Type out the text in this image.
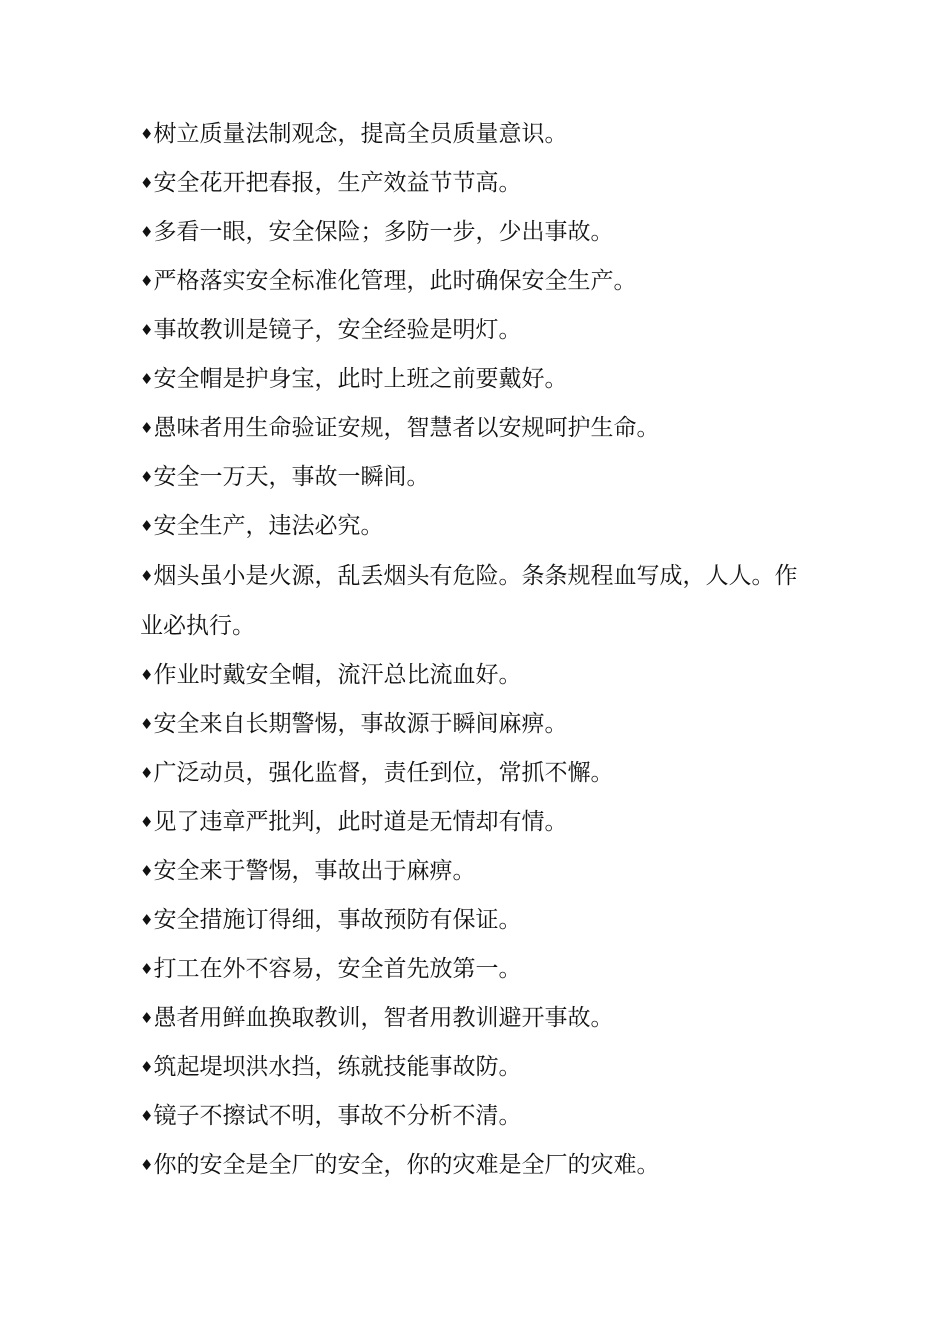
♦树立质量法制观念，提高全员质量意识。

♦安全花开把春报，生产效益节节高。

♦多看一眼，安全保险；多防一步，少出事故。

♦严格落实安全标准化管理，此时确保安全生产。

♦事故教训是镜子，安全经验是明灯。

♦安全帽是护身宝，此时上班之前要戴好。

♦愚味者用生命验证安规，智慧者以安规呵护生命。

♦安全一万天，事故一瞬间。

♦安全生产，违法必究。

♦烟头虽小是火源，乱丢烟头有危险。条条规程血写成，人人。作业必执行。

♦作业时戴安全帽，流汗总比流血好。

♦安全来自长期警惕，事故源于瞬间麻痹。

♦广泛动员，强化监督，责任到位，常抓不懈。

♦见了违章严批判，此时道是无情却有情。

♦安全来于警惕，事故出于麻痹。

♦安全措施订得细，事故预防有保证。

♦打工在外不容易，安全首先放第一。

♦愚者用鲜血换取教训，智者用教训避开事故。

♦筑起堤坝洪水挡，练就技能事故防。

♦镜子不擦试不明，事故不分析不清。

♦你的安全是全厂的安全，你的灾难是全厂的灾难。
